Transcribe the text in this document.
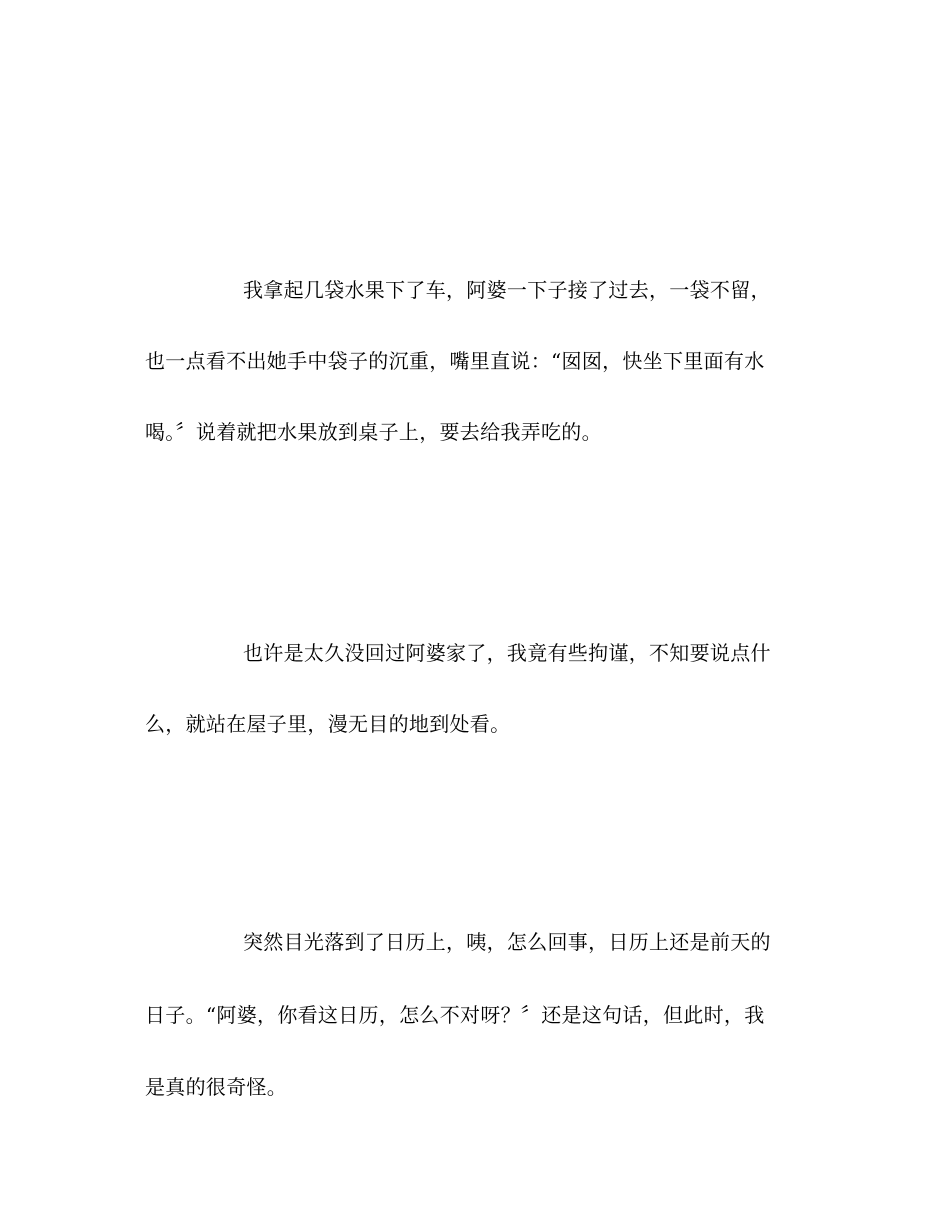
我拿起几袋水果下了车，阿婆一下子接了过去，一袋不留，
也一点看不出她手中袋子的沉重，嘴里直说：“囡囡，快坐下里面有水
喝。〞说着就把水果放到桌子上，要去给我弄吃的。
也许是太久没回过阿婆家了，我竟有些拘谨，不知要说点什
么，就站在屋子里，漫无目的地到处看。
突然目光落到了日历上，咦，怎么回事，日历上还是前天的
日子。“阿婆，你看这日历，怎么不对呀？〞还是这句话，但此时，我
是真的很奇怪。
